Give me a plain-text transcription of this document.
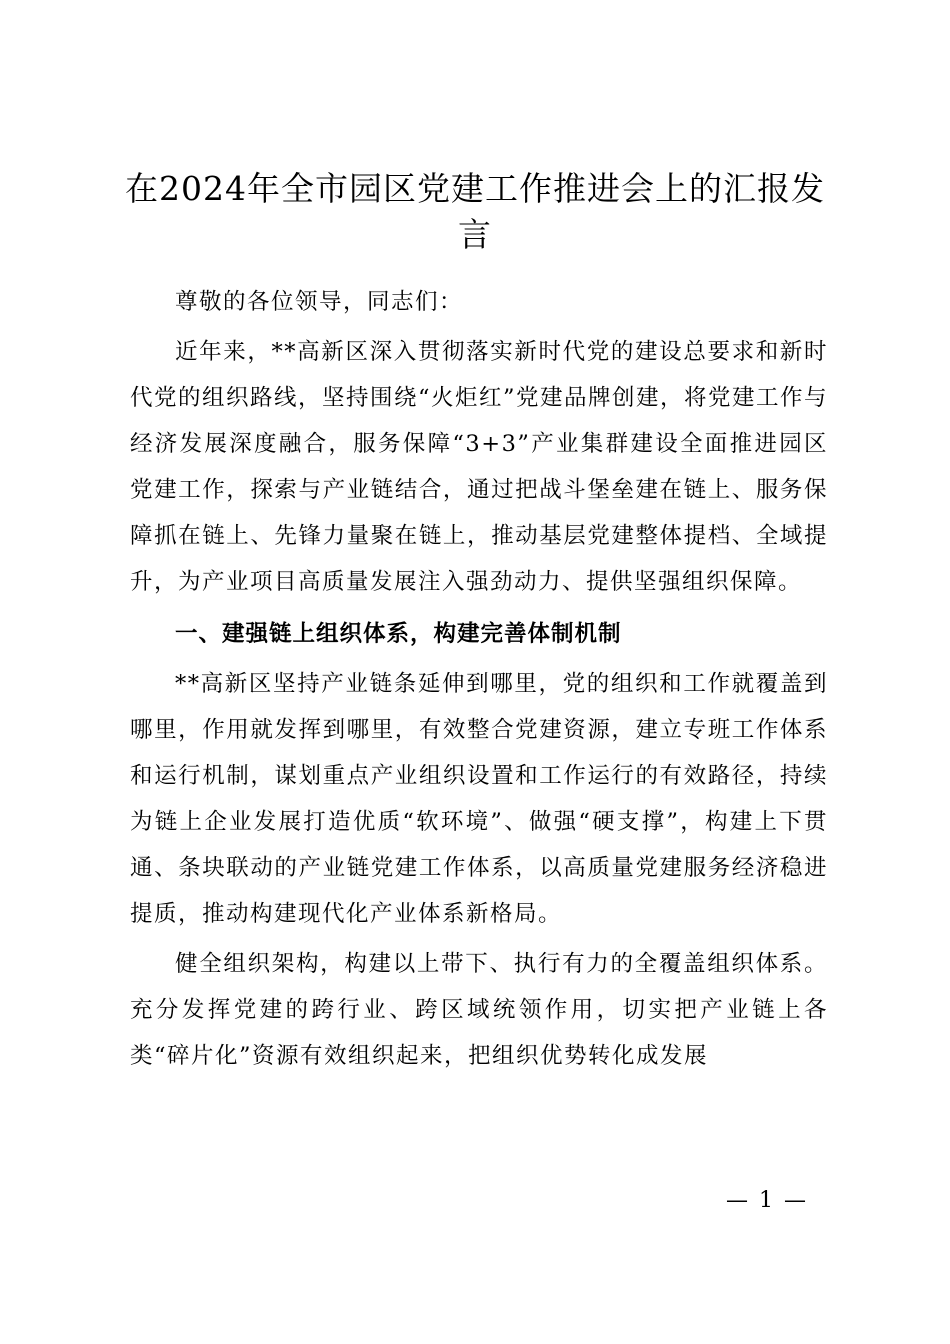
在2024年全市园区党建工作推进会上的汇报发言

尊敬的各位领导，同志们：

近年来，**高新区深入贯彻落实新时代党的建设总要求和新时代党的组织路线，坚持围绕“火炬红”党建品牌创建，将党建工作与经济发展深度融合，服务保障“3+3”产业集群建设全面推进园区党建工作，探索与产业链结合，通过把战斗堡垒建在链上、服务保障抓在链上、先锋力量聚在链上，推动基层党建整体提档、全域提升，为产业项目高质量发展注入强劲动力、提供坚强组织保障。

一、建强链上组织体系，构建完善体制机制

**高新区坚持产业链条延伸到哪里，党的组织和工作就覆盖到哪里，作用就发挥到哪里，有效整合党建资源，建立专班工作体系和运行机制，谋划重点产业组织设置和工作运行的有效路径，持续为链上企业发展打造优质“软环境”、做强“硬支撑”，构建上下贯通、条块联动的产业链党建工作体系，以高质量党建服务经济稳进提质，推动构建现代化产业体系新格局。

健全组织架构，构建以上带下、执行有力的全覆盖组织体系。充分发挥党建的跨行业、跨区域统领作用，切实把产业链上各类“碎片化”资源有效组织起来，把组织优势转化成发展

— 1 —
